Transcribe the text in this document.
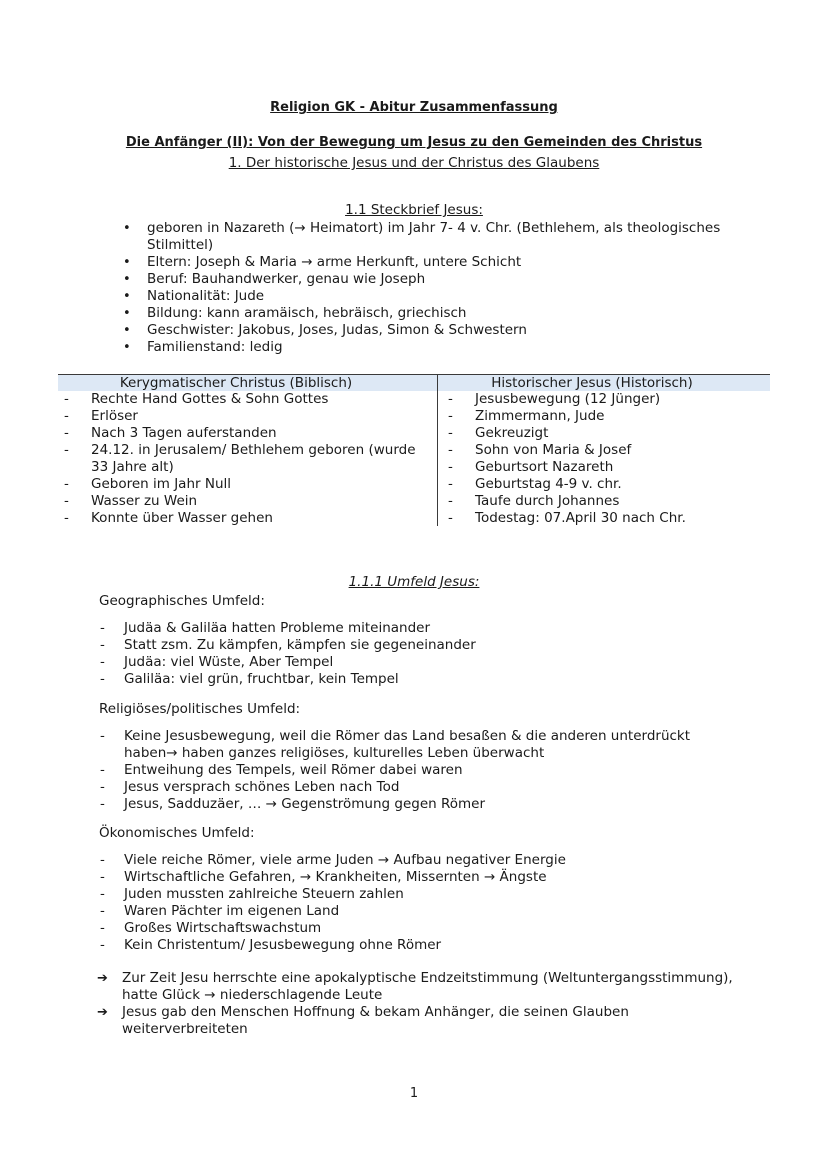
Religion GK - Abitur Zusammenfassung
Die Anfänger (II): Von der Bewegung um Jesus zu den Gemeinden des Christus
1. Der historische Jesus und der Christus des Glaubens
1.1 Steckbrief Jesus:
• geboren in Nazareth (→ Heimatort) im Jahr 7- 4 v. Chr. (Bethlehem, als theologisches Stilmittel)
• Eltern: Joseph & Maria → arme Herkunft, untere Schicht
• Beruf: Bauhandwerker, genau wie Joseph
• Nationalität: Jude
• Bildung: kann aramäisch, hebräisch, griechisch
• Geschwister: Jakobus, Joses, Judas, Simon & Schwestern
• Familienstand: ledig
Kerygmatischer Christus (Biblisch)	Historischer Jesus (Historisch)
- Rechte Hand Gottes & Sohn Gottes
- Erlöser
- Nach 3 Tagen auferstanden
- 24.12. in Jerusalem/ Bethlehem geboren (wurde 33 Jahre alt)
- Geboren im Jahr Null
- Wasser zu Wein
- Konnte über Wasser gehen
- Jesusbewegung (12 Jünger)
- Zimmermann, Jude
- Gekreuzigt
- Sohn von Maria & Josef
- Geburtsort Nazareth
- Geburtstag 4-9 v. chr.
- Taufe durch Johannes
- Todestag: 07.April 30 nach Chr.
1.1.1 Umfeld Jesus:
Geographisches Umfeld:
- Judäa & Galiläa hatten Probleme miteinander
- Statt zsm. Zu kämpfen, kämpfen sie gegeneinander
- Judäa: viel Wüste, Aber Tempel
- Galiläa: viel grün, fruchtbar, kein Tempel
Religiöses/politisches Umfeld:
- Keine Jesusbewegung, weil die Römer das Land besaßen & die anderen unterdrückt haben→ haben ganzes religiöses, kulturelles Leben überwacht
- Entweihung des Tempels, weil Römer dabei waren
- Jesus versprach schönes Leben nach Tod
- Jesus, Sadduzäer, … → Gegenströmung gegen Römer
Ökonomisches Umfeld:
- Viele reiche Römer, viele arme Juden → Aufbau negativer Energie
- Wirtschaftliche Gefahren, → Krankheiten, Missernten → Ängste
- Juden mussten zahlreiche Steuern zahlen
- Waren Pächter im eigenen Land
- Großes Wirtschaftswachstum
- Kein Christentum/ Jesusbewegung ohne Römer
➔ Zur Zeit Jesu herrschte eine apokalyptische Endzeitstimmung (Weltuntergangsstimmung), hatte Glück → niederschlagende Leute
➔ Jesus gab den Menschen Hoffnung & bekam Anhänger, die seinen Glauben weiterverbreiteten
1
